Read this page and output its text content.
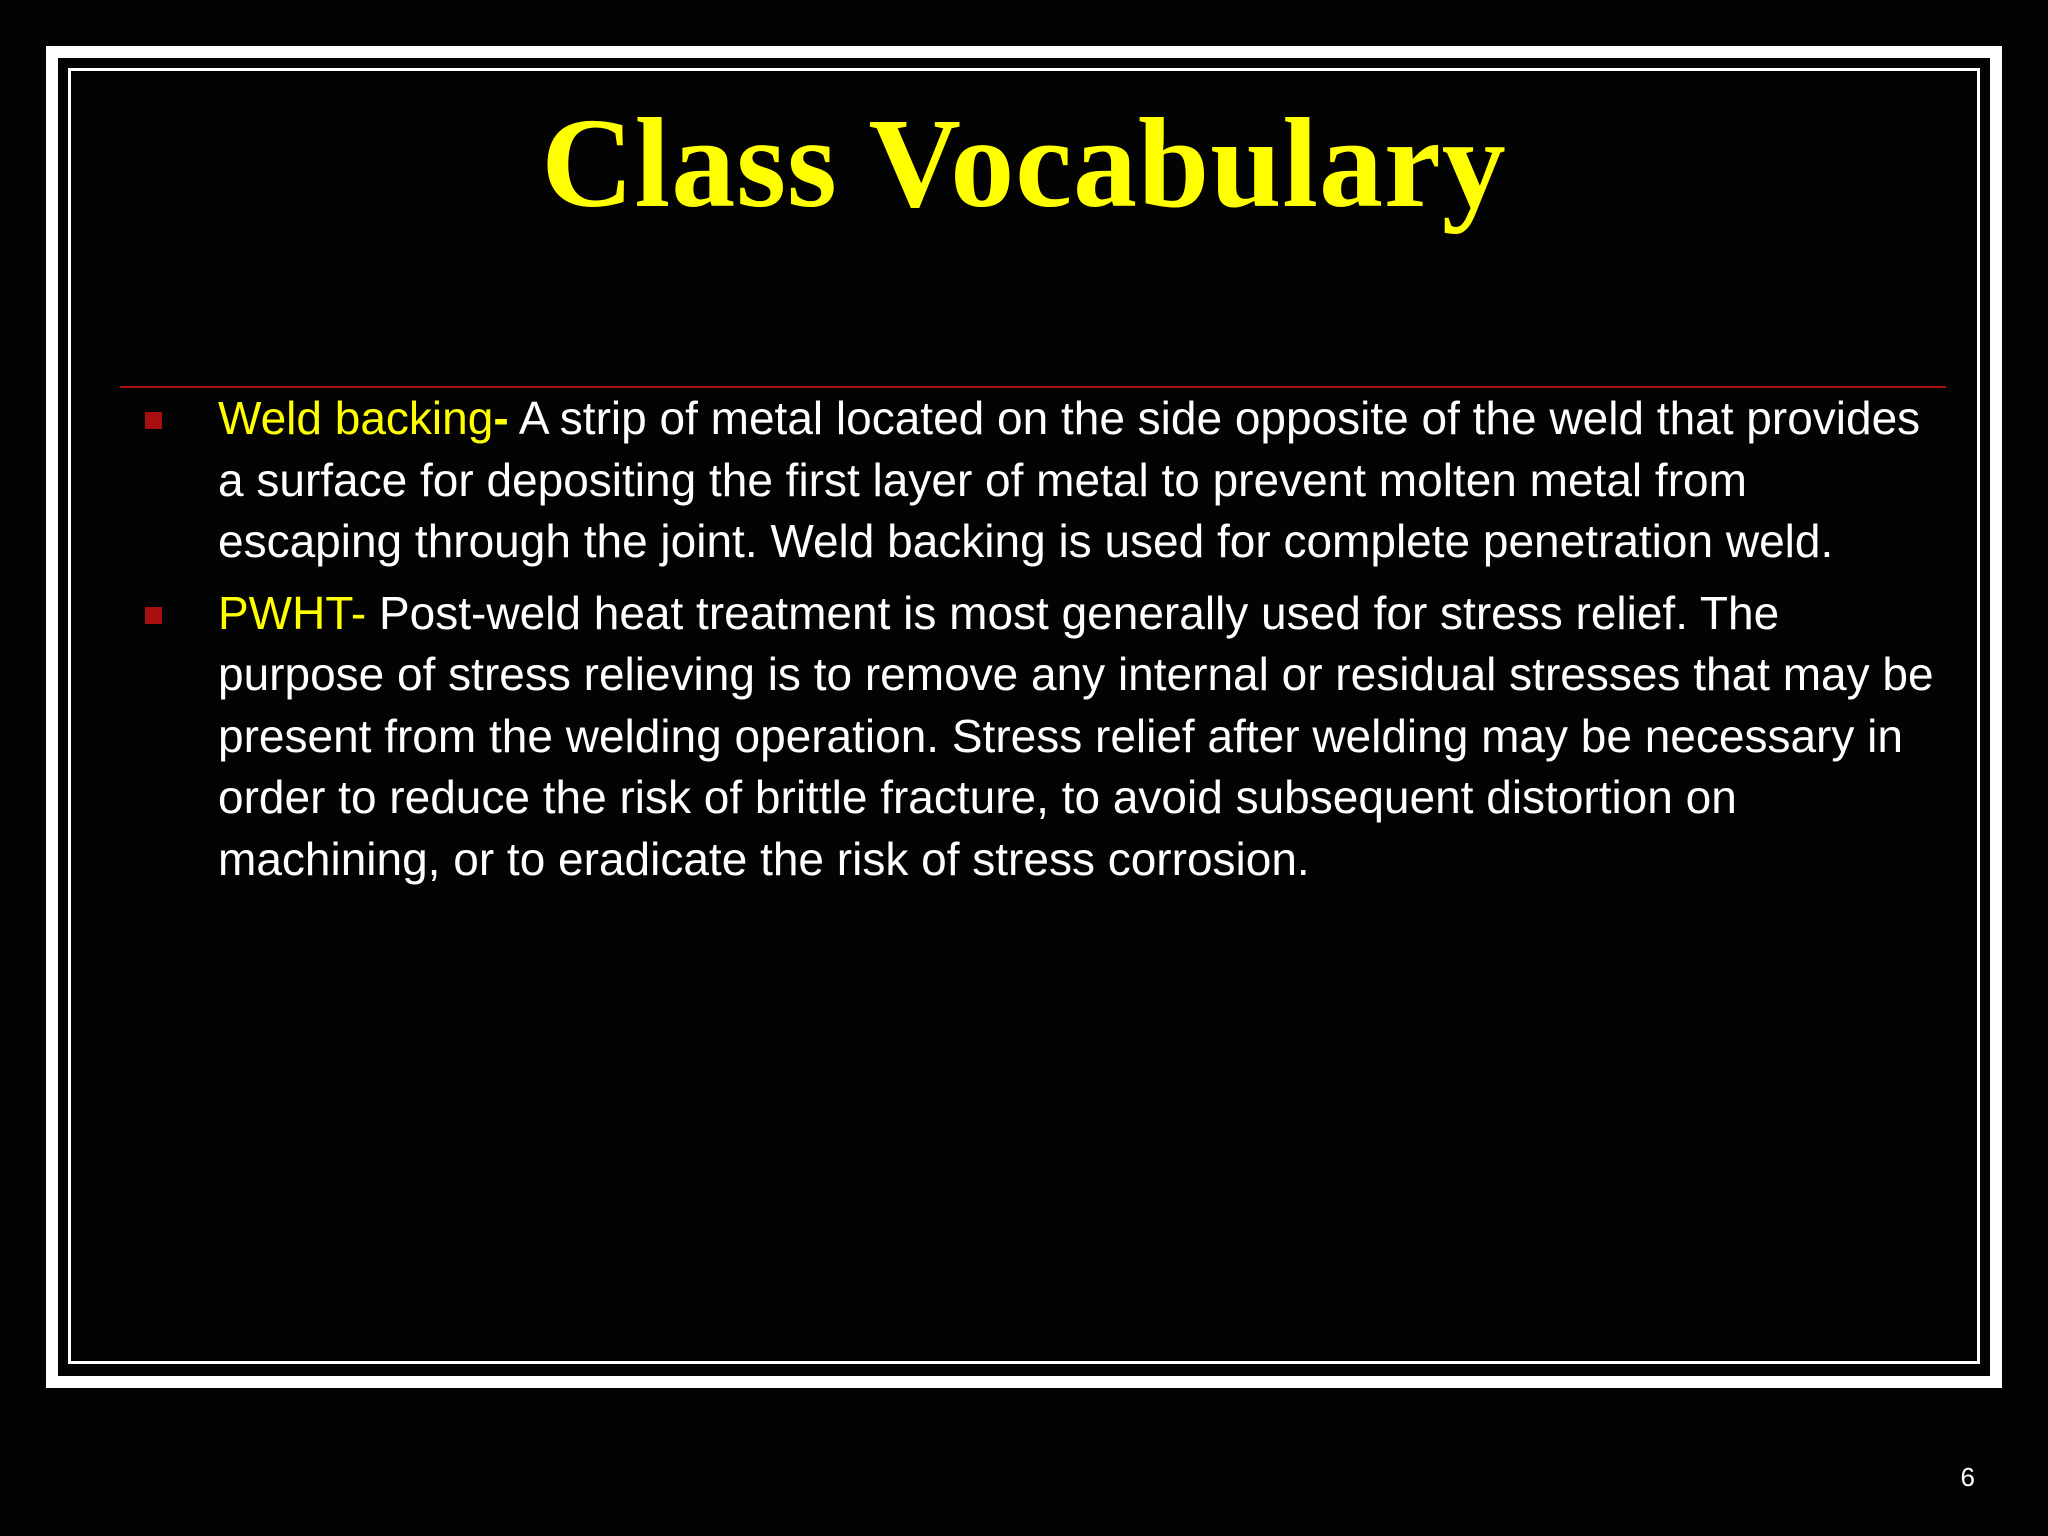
Class Vocabulary
Weld backing- A strip of metal located on the side opposite of the weld that provides a surface for depositing the first layer of metal to prevent molten metal from escaping through the joint. Weld backing is used for complete penetration weld.
PWHT- Post-weld heat treatment is most generally used for stress relief. The purpose of stress relieving is to remove any internal or residual stresses that may be present from the welding operation. Stress relief after welding may be necessary in order to reduce the risk of brittle fracture, to avoid subsequent distortion on machining, or to eradicate the risk of stress corrosion.
6
